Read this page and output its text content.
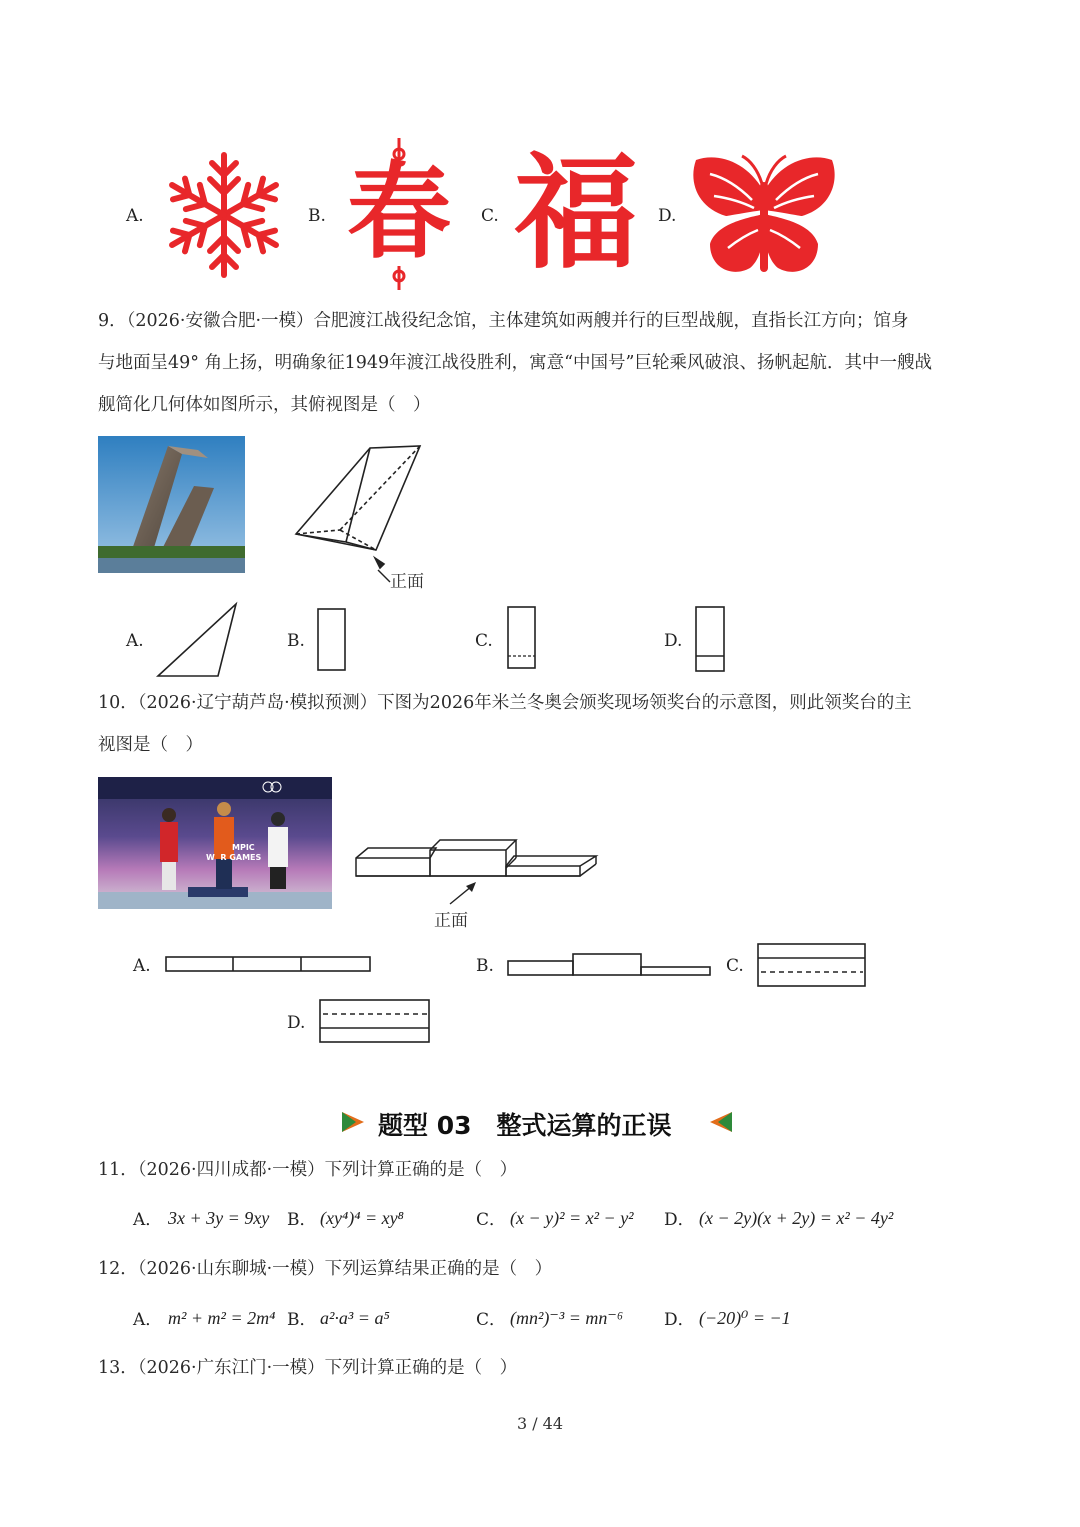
A.	B. 春	C. 福	D.
9．（2026·安徽合肥·一模）合肥渡江战役纪念馆，主体建筑如两艘并行的巨型战舰，直指长江方向；馆身
与地面呈49° 角上扬，明确象征1949年渡江战役胜利，寓意“中国号”巨轮乘风破浪、扬帆起航．其中一艘战
舰简化几何体如图所示，其俯视图是（　）
正面
A.	B.	C.	D.
10．（2026·辽宁葫芦岛·模拟预测）下图为2026年米兰冬奥会颁奖现场领奖台的示意图，则此领奖台的主
视图是（　）
MPIC
W  R GAMES
正面
A.	B.	C.
D.
题型 03　整式运算的正误
11．（2026·四川成都·一模）下列计算正确的是（　）
A． 3x + 3y = 9xy B． (xy⁴)⁴ = xy⁸	C． (x − y)² = x² − y² D． (x − 2y)(x + 2y) = x² − 4y²
12．（2026·山东聊城·一模）下列运算结果正确的是（　）
A． m² + m² = 2m⁴ B． a²·a³ = a⁵	C． (mn²)⁻³ = mn⁻⁶ D． (−20)⁰ = −1
13．（2026·广东江门·一模）下列计算正确的是（　）
3 / 44
